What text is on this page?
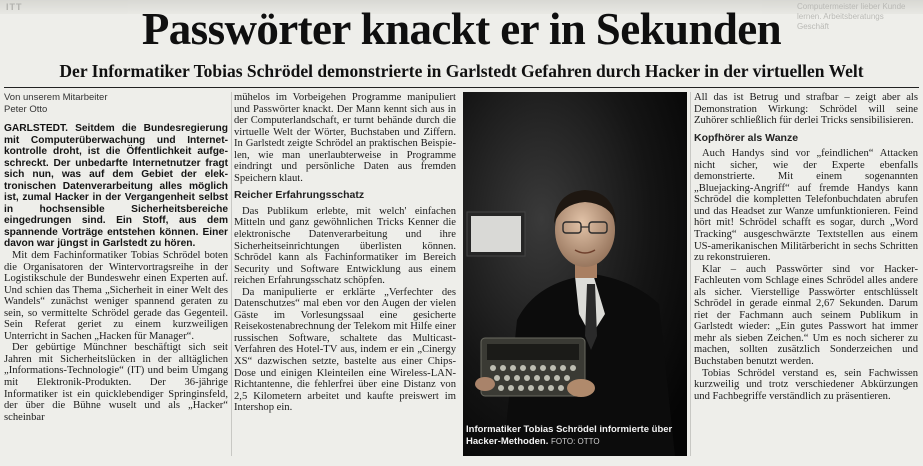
ITT	Computermeister lieber Kunde lernen. Arbeitsberatungs Geschäft
Passwörter knackt er in Sekunden
Der Informatiker Tobias Schrödel demonstrierte in Garlstedt Gefahren durch Hacker in der virtuellen Welt
Von unserem Mitarbeiter
Peter Otto

GARLSTEDT. Seitdem die Bundesregierung mit Computerüberwachung und Internetkontrolle droht, ist die Öffentlichkeit aufgeschreckt. Der unbedarfte Internetnutzer fragt sich nun, was auf dem Gebiet der elektronischen Datenverarbeitung alles möglich ist, zumal Hacker in der Vergangenheit selbst in hochsensible Sicherheitsbereiche eingedrungen sind. Ein Stoff, aus dem spannende Vorträge entstehen können. Einer davon war jüngst in Garlstedt zu hören.

Mit dem Fachinformatiker Tobias Schrödel boten die Organisatoren der Wintervortragsreihe in der Logistikschule der Bundeswehr einen Experten auf. Und schien das Thema „Sicherheit in einer Welt des Wandels“ zunächst weniger spannend geraten zu sein, so vermittelte Schrödel gerade das Gegenteil. Sein Referat geriet zu einem kurzweiligen Unterricht in Sachen „Hacken für Manager“.

Der gebürtige Münchner beschäftigt sich seit Jahren mit Sicherheitslücken in der alltäglichen „Informations-Technologie“ (IT) und beim Umgang mit Elektronik-Produkten. Der 36-jährige Informatiker ist ein quicklebendiger Springinsfeld, der über die Bühne wuselt und als „Hacker“ scheinbar

mühelos im Vorbeigehen Programme manipuliert und Passwörter knackt. Der Mann kennt sich aus in der Computerlandschaft, er turnt behände durch die virtuelle Welt der Wörter, Buchstaben und Ziffern. In Garlstedt zeigte Schrödel an praktischen Beispielen, wie man unerlaubterweise in Programme eindringt und persönliche Daten aus fremden Speichern klaut.

Reicher Erfahrungsschatz

Das Publikum erlebte, mit welch' einfachen Mitteln und ganz gewöhnlichen Tricks Kenner die elektronische Datenverarbeitung und ihre Sicherheitseinrichtungen überlisten können. Schrödel kann als Fachinformatiker im Bereich Security und Software Entwicklung aus einem reichen Erfahrungsschatz schöpfen.

Da manipulierte er erklärte „Verfechter des Datenschutzes“ mal eben vor den Augen der vielen Gäste im Vorlesungssaal eine gesicherte Reisekostenabrechnung der Telekom mit Hilfe einer russischen Software, schaltete das Multicast-Verfahren des Hotel-TV aus, indem er ein „Cinergy XS“ dazwischen setzte, bastelte aus einer Chips-Dose und einigen Kleinteilen eine Wireless-LAN-Richtantenne, die fehlerfrei über eine Distanz von 2,5 Kilometern arbeitet und kaufte preiswert im Intershop ein.

Informatiker Tobias Schrödel informierte über Hacker-Methoden. FOTO: OTTO

All das ist Betrug und strafbar – zeigt aber als Demonstration Wirkung: Schrödel will seine Zuhörer schließlich für derlei Tricks sensibilisieren.

Kopfhörer als Wanze

Auch Handys sind vor „feindlichen“ Attacken nicht sicher, wie der Experte ebenfalls demonstrierte. Mit einem sogenannten „Bluejacking-Angriff“ auf fremde Handys kann Schrödel die kompletten Telefonbuchdaten abrufen und das Headset zur Wanze umfunktionieren. Feind hört mit! Schrödel schafft es sogar, durch „Word Tracking“ ausgeschwärzte Textstellen aus einem US-amerikanischen Militärbericht in sechs Schritten zu rekonstruieren.

Klar – auch Passwörter sind vor Hacker-Fachleuten vom Schlage eines Schrödel alles andere als sicher. Vierstellige Passwörter entschlüsselt Schrödel in gerade einmal 2,67 Sekunden. Darum riet der Fachmann auch seinem Publikum in Garlstedt wieder: „Ein gutes Passwort hat immer mehr als sieben Zeichen.“ Um es noch sicherer zu machen, sollten zusätzlich Sonderzeichen und Buchstaben benutzt werden.

Tobias Schrödel verstand es, sein Fachwissen kurzweilig und trotz verschiedener Abkürzungen und Fachbegriffe verständlich zu präsentieren.
